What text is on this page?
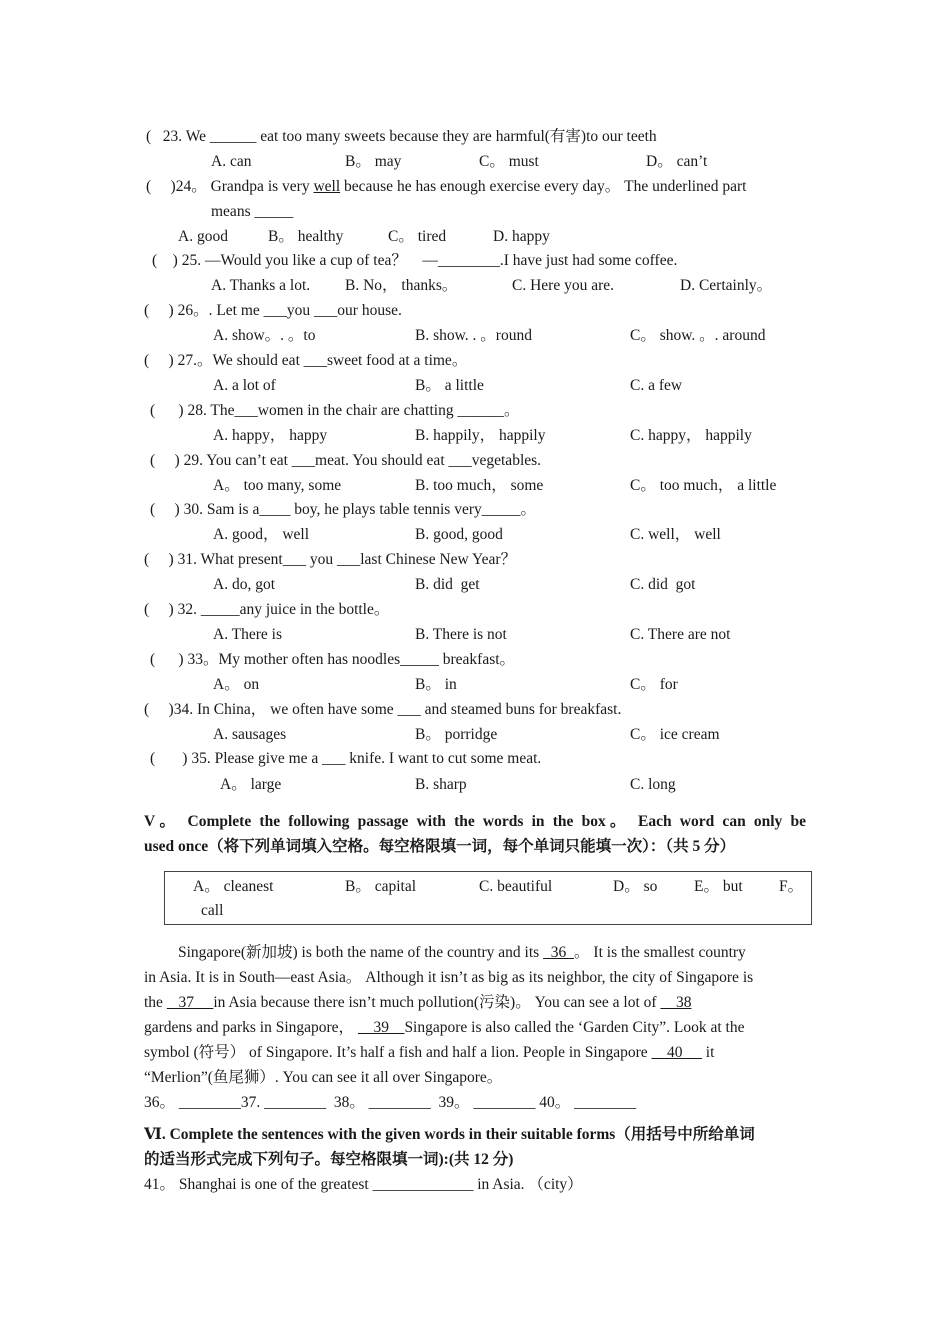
(   23. We ______ eat too many sweets because they are harmful(有害)to our teeth
A. can	B。 may	C。 must	D。 can’t
(     )24。 Grandpa is very well because he has enough exercise every day。 The underlined part
means _____
A. good	B。 healthy	C。 tired	D. happy
(    ) 25. —Would you like a cup of tea？    —________.I have just had some coffee.
A. Thanks a lot. B. No， thanks。	C. Here you are.	D. Certainly。
(     ) 26。. Let me ___you ___our house.
A. show。. 。to	B. show. . 。round	C。 show. 。. around
(     ) 27.。We should eat ___sweet food at a time。
A. a lot of	B。 a little	C. a few
(      ) 28. The___women in the chair are chatting ______。
A. happy， happy	B. happily， happily	C. happy， happily
(     ) 29. You can’t eat ___meat. You should eat ___vegetables.
A。 too many, some	B. too much， some	C。 too much， a little
(     ) 30. Sam is a____ boy, he plays table tennis very_____。
A. good， well	B. good, good	C. well， well
(     ) 31. What present___ you ___last Chinese New Year？
A. do, got	B. did  get	C. did  got
(     ) 32. _____any juice in the bottle。
A. There is	B. There is not	C. There are not
(      ) 33。My mother often has noodles_____ breakfast。
A。 on	B。 in	C。 for
(     )34. In China， we often have some ___ and steamed buns for breakfast.
A. sausages	B。 porridge	C。 ice cream
(       ) 35. Please give me a ___ knife. I want to cut some meat.
A。 large	B. sharp	C. long
V。 Complete the following passage with the words in the box。 Each word can only be
used once（将下列单词填入空格。每空格限填一词，每个单词只能填一次）：（共 5 分）
A。 cleanest	B。 capital	C. beautiful	D。 so E。 but F。
call
Singapore(新加坡) is both the name of the country and its   36  。 It is the smallest country
in Asia. It is in South—east Asia。 Although it isn’t as big as its neighbor, the city of Singapore is
the    37     in Asia because there isn’t much pollution(污染)。 You can see a lot of     38
gardens and parks in Singapore，     39    Singapore is also called the ‘Garden City”. Look at the
symbol (符号） of Singapore. It’s half a fish and half a lion. People in Singapore     40      it
“Merlion”(鱼尾狮）. You can see it all over Singapore。
36。 ________37. ________  38。 ________  39。 ________ 40。 ________
Ⅵ. Complete the sentences with the given words in their suitable forms（用括号中所给单词
的适当形式完成下列句子。每空格限填一词):(共 12 分)
41。 Shanghai is one of the greatest _____________ in Asia. （city）
